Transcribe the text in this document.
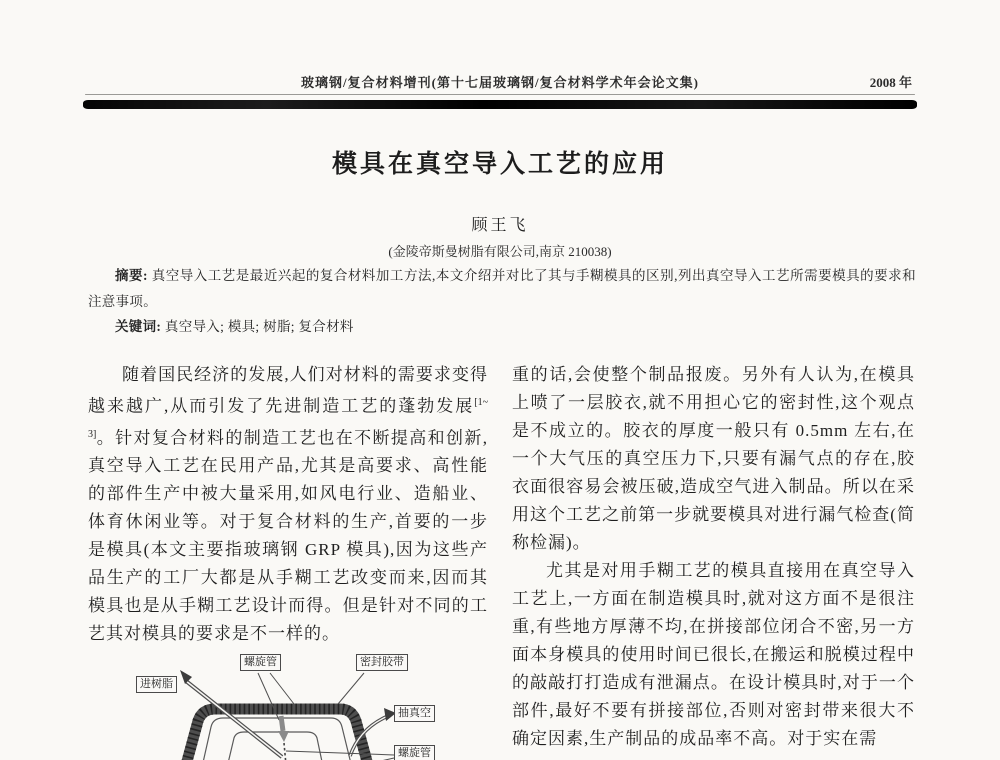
玻璃钢/复合材料增刊(第十七届玻璃钢/复合材料学术年会论文集)	2008 年
模具在真空导入工艺的应用
顾王飞
(金陵帝斯曼树脂有限公司,南京 210038)
摘要: 真空导入工艺是最近兴起的复合材料加工方法,本文介绍并对比了其与手糊模具的区别,列出真空导入工艺所需要模具的要求和注意事项。
关键词: 真空导入; 模具; 树脂; 复合材料

随着国民经济的发展,人们对材料的需要求变得越来越广,从而引发了先进制造工艺的蓬勃发展[1~3]。针对复合材料的制造工艺也在不断提高和创新,真空导入工艺在民用产品,尤其是高要求、高性能的部件生产中被大量采用,如风电行业、造船业、体育休闲业等。对于复合材料的生产,首要的一步是模具(本文主要指玻璃钢 GRP 模具),因为这些产品生产的工厂大都是从手糊工艺改变而来,因而其模具也是从手糊工艺设计而得。但是针对不同的工艺其对模具的要求是不一样的。

重的话,会使整个制品报废。另外有人认为,在模具上喷了一层胶衣,就不用担心它的密封性,这个观点是不成立的。胶衣的厚度一般只有 0.5mm 左右,在一个大气压的真空压力下,只要有漏气点的存在,胶衣面很容易会被压破,造成空气进入制品。所以在采用这个工艺之前第一步就要模具对进行漏气检查(简称检漏)。

尤其是对用手糊工艺的模具直接用在真空导入工艺上,一方面在制造模具时,就对这方面不是很注重,有些地方厚薄不均,在拼接部位闭合不密,另一方面本身模具的使用时间已很长,在搬运和脱模过程中的敲敲打打造成有泄漏点。在设计模具时,对于一个部件,最好不要有拼接部位,否则对密封带来很大不确定因素,生产制品的成品率不高。对于实在需

螺旋管	密封胶带
进树脂
抽真空
螺旋管
